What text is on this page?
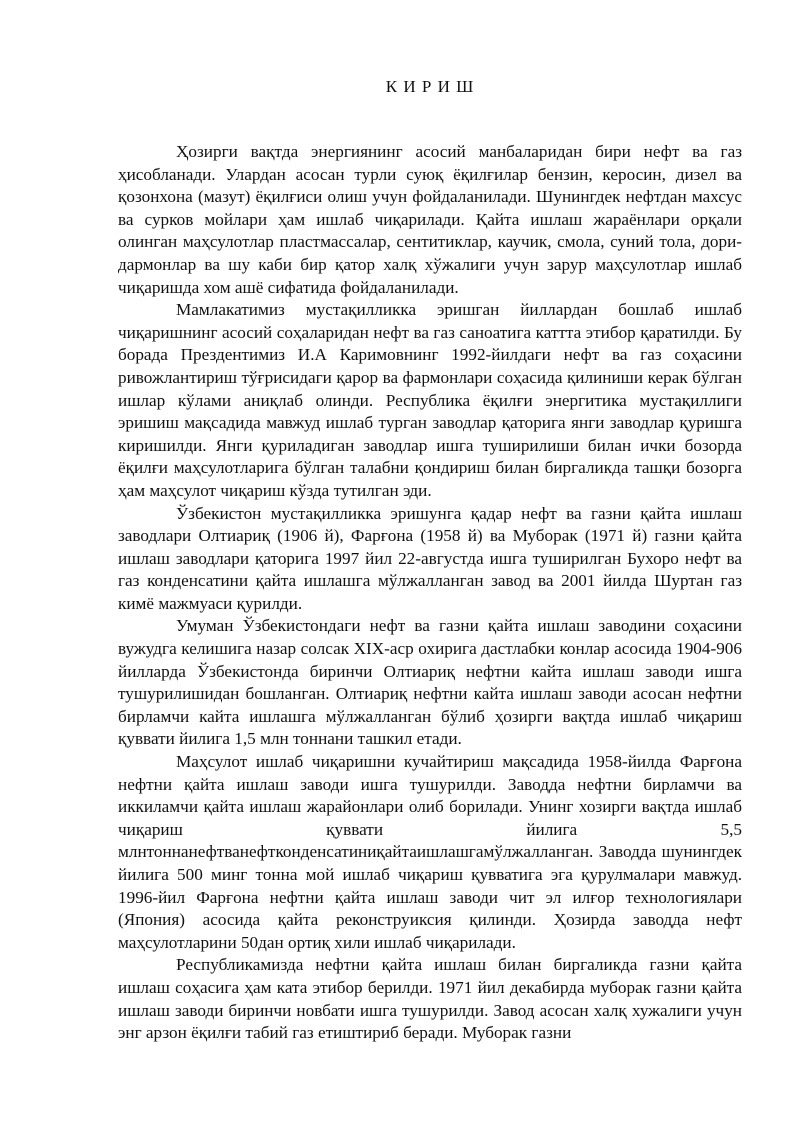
К И Р И Ш

Ҳозирги вақтда энергиянинг асосий манбаларидан бири нефт ва газ ҳисобланади. Улардан асосан турли суюқ ёқилғилар бензин, керосин, дизел ва қозонхона (мазут) ёқилғиси олиш учун фойдаланилади. Шунингдек нефтдан махсус ва сурков мойлари ҳам ишлаб чиқарилади. Қайта ишлаш жараёнлари орқали олинган маҳсулотлар пластмассалар, сентитиклар, каучик, смола, суний тола, дори-дармонлар ва шу каби бир қатор халқ хўжалиги учун зарур маҳсулотлар ишлаб чиқаришда хом ашё сифатида фойдаланилади.

Мамлакатимиз мустақилликка эришган йиллардан бошлаб ишлаб чиқаришнинг асосий соҳаларидан нефт ва газ саноатига каттта этибор қаратилди. Бу борада Прездентимиз И.А Каримовнинг 1992-йилдаги нефт ва газ соҳасини ривожлантириш тўғрисидаги қарор ва фармонлари соҳасида қилиниши керак бўлган ишлар кўлами аниқлаб олинди. Республика ёқилғи энергитика мустақиллиги эришиш мақсадида мавжуд ишлаб турган заводлар қаторига янги заводлар қуришга киришилди. Янги қуриладиган заводлар ишга туширилиши билан ички бозорда ёқилғи маҳсулотларига бўлган талабни қондириш билан биргаликда ташқи бозорга ҳам маҳсулот чиқариш кўзда тутилган эди.

Ўзбекистон мустақилликка эришунга қадар нефт ва газни қайта ишлаш заводлари Олтиариқ (1906 й), Фарғона (1958 й) ва Муборак (1971 й) газни қайта ишлаш заводлари қаторига 1997 йил 22-августда ишга туширилган Бухоро нефт ва газ конденсатини қайта ишлашга мўлжалланган завод ва 2001 йилда Шуртан газ кимё мажмуаси қурилди.

Умуман Ўзбекистондаги нефт ва газни қайта ишлаш заводини соҳасини вужудга келишига назар солсак XIX-аср охирига дастлабки конлар асосида 1904-906 йилларда Ўзбекистонда биринчи Олтиариқ нефтни кайта ишлаш заводи ишга тушурилишидан бошланган. Олтиариқ нефтни кайта ишлаш заводи асосан нефтни бирламчи кайта ишлашга мўлжалланган бўлиб ҳозирги вақтда ишлаб чиқариш қуввати йилига 1,5 млн тоннани ташкил етади.

Маҳсулот ишлаб чиқаришни кучайтириш мақсадида 1958-йилда Фарғона нефтни қайта ишлаш заводи ишга тушурилди. Заводда нефтни бирламчи ва иккиламчи қайта ишлаш жарайонлари олиб борилади. Унинг хозирги вақтда ишлаб чиқариш қуввати йилига 5,5 млнтоннанефтванефтконденсатиниқайтаишлашгамўлжалланган. Заводда шунингдек йилига 500 минг тонна мой ишлаб чиқариш қувватига эга қурулмалари мавжуд. 1996-йил Фарғона нефтни қайта ишлаш заводи чит эл илғор технологиялари (Япония) асосида қайта реконструиксия қилинди. Ҳозирда заводда нефт маҳсулотларини 50дан ортиқ хили ишлаб чиқарилади.

Республикамизда нефтни қайта ишлаш билан биргаликда газни қайта ишлаш соҳасига ҳам ката этибор берилди. 1971 йил декабирда муборак газни қайта ишлаш заводи биринчи новбати ишга тушурилди. Завод асосан халқ хужалиги учун энг арзон ёқилғи табий газ етиштириб беради. Муборак газни
